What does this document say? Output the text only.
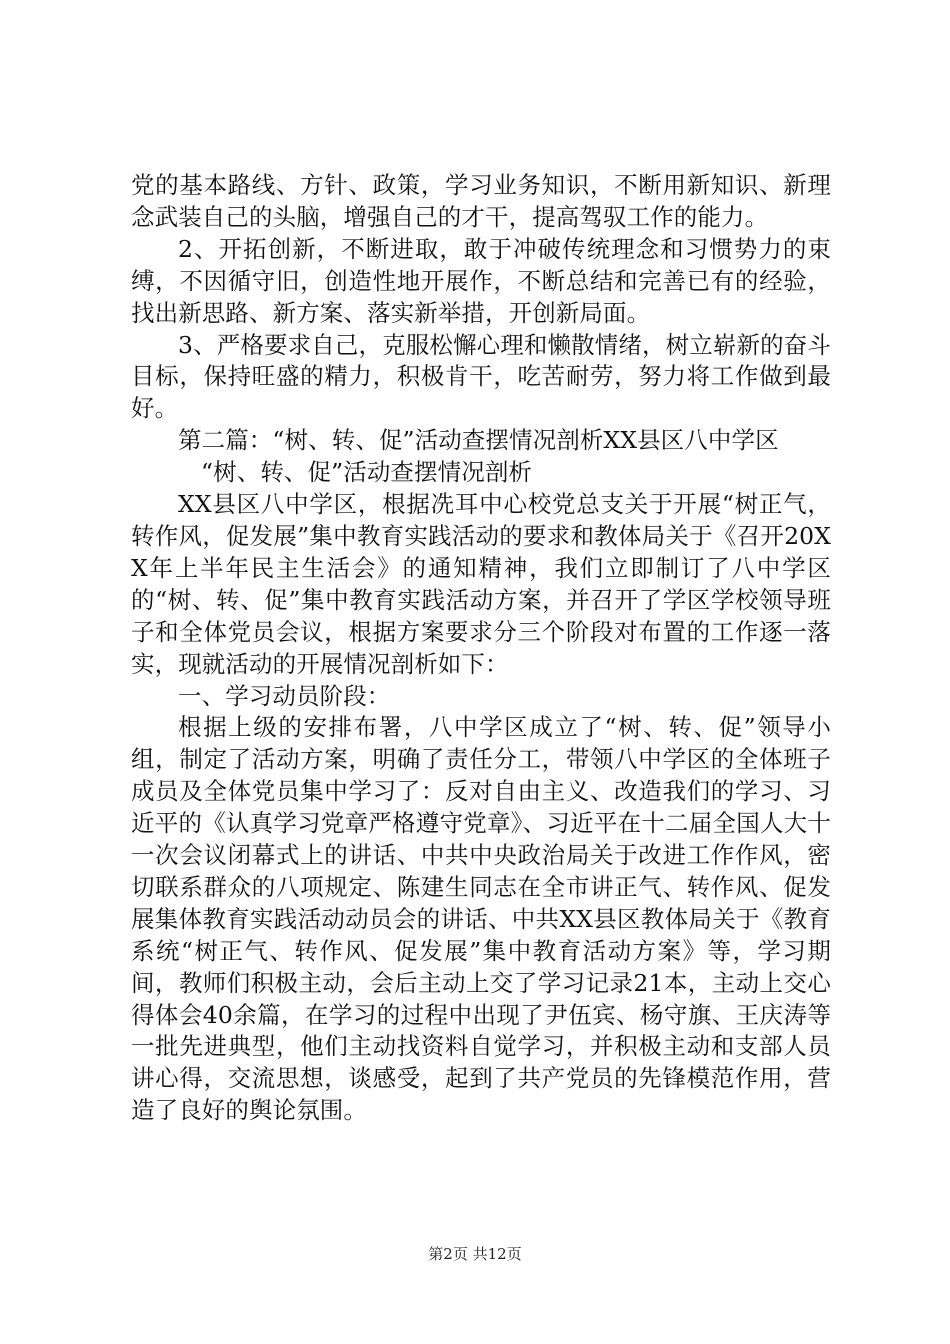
党的基本路线、方针、政策，学习业务知识，不断用新知识、新理念武装自己的头脑，增强自己的才干，提高驾驭工作的能力。

2、开拓创新，不断进取，敢于冲破传统理念和习惯势力的束缚，不因循守旧，创造性地开展作，不断总结和完善已有的经验，找出新思路、新方案、落实新举措，开创新局面。

3、严格要求自己，克服松懈心理和懒散情绪，树立崭新的奋斗目标，保持旺盛的精力，积极肯干，吃苦耐劳，努力将工作做到最好。

第二篇：“树、转、促”活动查摆情况剖析XX县区八中学区

“树、转、促”活动查摆情况剖析

XX县区八中学区，根据冼耳中心校党总支关于开展“树正气，转作风，促发展”集中教育实践活动的要求和教体局关于《召开20XX年上半年民主生活会》的通知精神，我们立即制订了八中学区的“树、转、促”集中教育实践活动方案，并召开了学区学校领导班子和全体党员会议，根据方案要求分三个阶段对布置的工作逐一落实，现就活动的开展情况剖析如下：

一、学习动员阶段：

根据上级的安排布署，八中学区成立了“树、转、促”领导小组，制定了活动方案，明确了责任分工，带领八中学区的全体班子成员及全体党员集中学习了：反对自由主义、改造我们的学习、习近平的《认真学习党章严格遵守党章》、习近平在十二届全国人大十一次会议闭幕式上的讲话、中共中央政治局关于改进工作作风，密切联系群众的八项规定、陈建生同志在全市讲正气、转作风、促发展集体教育实践活动动员会的讲话、中共XX县区教体局关于《教育系统“树正气、转作风、促发展”集中教育活动方案》等，学习期间，教师们积极主动，会后主动上交了学习记录21本，主动上交心得体会40余篇，在学习的过程中出现了尹伍宾、杨守旗、王庆涛等一批先进典型，他们主动找资料自觉学习，并积极主动和支部人员讲心得，交流思想，谈感受，起到了共产党员的先锋模范作用，营造了良好的舆论氛围。

第2页 共12页
